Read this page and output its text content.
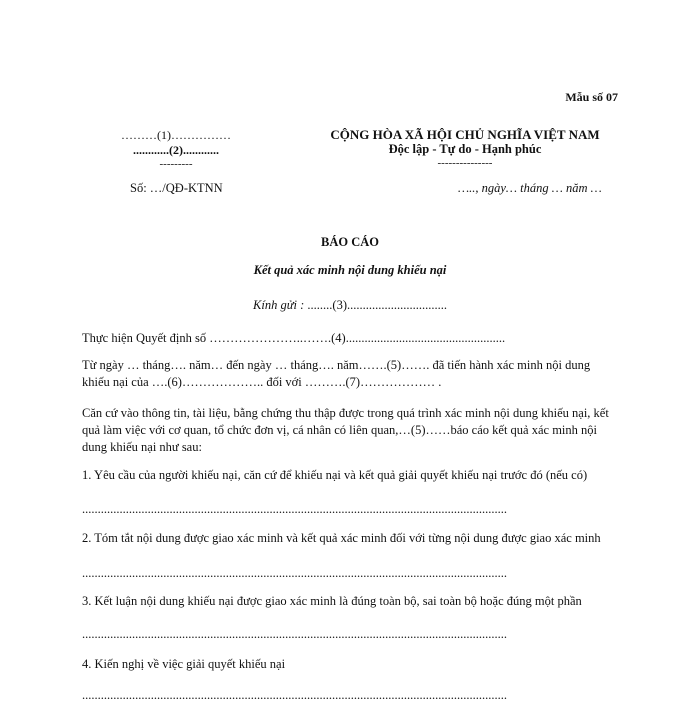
Mẫu số 07

………(1)……………
............(2)............
---------
CỘNG HÒA XÃ HỘI CHỦ NGHĨA VIỆT NAM
Độc lập - Tự do - Hạnh phúc
---------------

Số: …/QĐ-KTNN	….., ngày… tháng … năm …

BÁO CÁO

Kết quả xác minh nội dung khiếu nại

Kính gửi : ........(3)................................

Thực hiện Quyết định số …………………..…….(4)...................................................
Từ ngày … tháng…. năm… đến ngày … tháng…. năm…….(5)……. đã tiến hành xác minh nội dung
khiếu nại của ….(6)……………….. đối với ……….(7)……………… .
Căn cứ vào thông tin, tài liệu, bằng chứng thu thập được trong quá trình xác minh nội dung khiếu nại, kết
quả làm việc với cơ quan, tổ chức đơn vị, cá nhân có liên quan,…(5)……báo cáo kết quả xác minh nội
dung khiếu nại như sau:
1. Yêu cầu của người khiếu nại, căn cứ để khiếu nại và kết quả giải quyết khiếu nại trước đó (nếu có)
........................................................................................................................................
2. Tóm tắt nội dung được giao xác minh và kết quả xác minh đối với từng nội dung được giao xác minh
........................................................................................................................................
3. Kết luận nội dung khiếu nại được giao xác minh là đúng toàn bộ, sai toàn bộ hoặc đúng một phần
........................................................................................................................................
4. Kiến nghị về việc giải quyết khiếu nại
........................................................................................................................................
